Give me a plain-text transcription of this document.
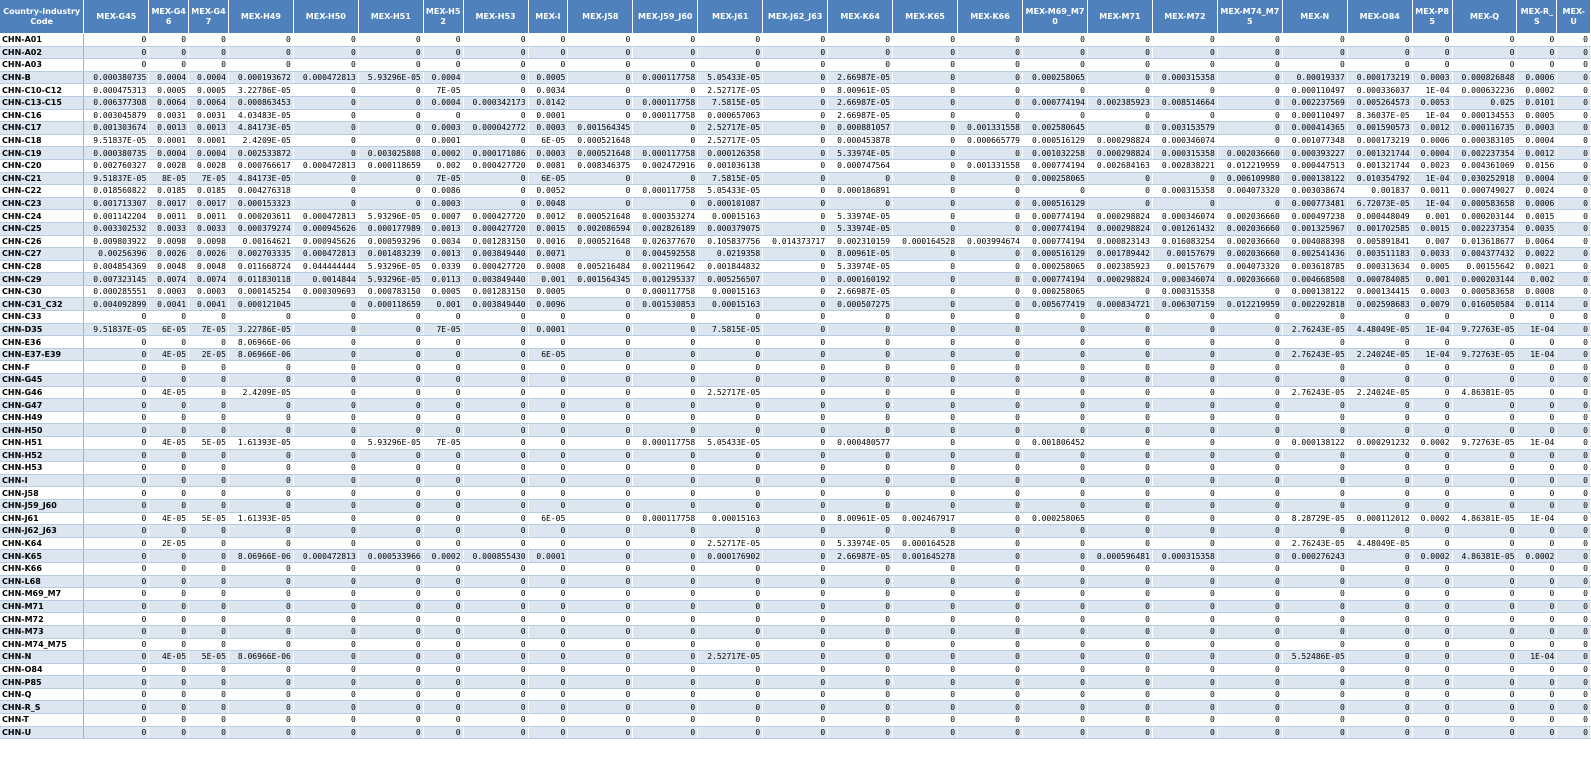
Country-IndustryCode	MEX-G45	MEX-G46	MEX-G47	MEX-H49	MEX-H50	MEX-H51	MEX-H52	MEX-H53	MEX-I	MEX-J58	MEX-J59_J60	MEX-J61	MEX-J62_J63	MEX-K64	MEX-K65	MEX-K66	MEX-M69_M70	MEX-M71	MEX-M72	MEX-M74_M75	MEX-N	MEX-O84	MEX-P85	MEX-Q	MEX-R_S	MEX-U
CHN-A01	0	0	0	0	0	0	0	0	0	0	0	0	0	0	0	0	0	0	0	0	0	0	0	0	0	0
CHN-A02	0	0	0	0	0	0	0	0	0	0	0	0	0	0	0	0	0	0	0	0	0	0	0	0	0	0
CHN-A03	0	0	0	0	0	0	0	0	0	0	0	0	0	0	0	0	0	0	0	0	0	0	0	0	0	0
CHN-B	0.000380735	0.0004	0.0004	0.000193672	0.000472813	5.93296E-05	0.0004	0	0.0005	0	0.000117758	5.05433E-05	0	2.66987E-05	0	0	0.000258065	0	0.000315358	0	0.00019337	0.000173219	0.0003	0.000826848	0.0006	0
CHN-C10-C12	0.000475313	0.0005	0.0005	3.22786E-05	0	0	7E-05	0	0.0034	0	0	2.52717E-05	0	8.00961E-05	0	0	0	0	0	0	0.000110497	0.000336037	1E-04	0.000632236	0.0002	0
CHN-C13-C15	0.006377308	0.0064	0.0064	0.000863453	0	0	0.0004	0.000342173	0.0142	0	0.000117758	7.5815E-05	0	2.66987E-05	0	0	0.000774194	0.002385923	0.008514664	0	0.002237569	0.005264573	0.0053	0.025	0.0101	0
CHN-C16	0.003045879	0.0031	0.0031	4.03483E-05	0	0	0	0	0.0001	0	0.000117758	0.000657063	0	2.66987E-05	0	0	0	0	0	0	0.000110497	8.36037E-05	1E-04	0.000134553	0.0005	0
CHN-C17	0.001303674	0.0013	0.0013	4.84173E-05	0	0	0.0003	0.000042772	0.0003	0.001564345	0	2.52717E-05	0	0.000881057	0	0.001331558	0.002580645	0	0.003153579	0	0.000414365	0.001590573	0.0012	0.000116735	0.0003	0
CHN-C18	9.51837E-05	0.0001	0.0001	2.4209E-05	0	0	0.0001	0	6E-05	0.000521648	0	2.52717E-05	0	0.000453878	0	0.000665779	0.000516129	0.000298824	0.000346074	0	0.001077348	0.000173219	0.0006	0.000383105	0.0004	0
CHN-C19	0.000380735	0.0004	0.0004	0.002533872	0	0.003025808	0.0002	0.000171086	0.0003	0.000521648	0.000117758	0.000126358	0	5.33974E-05	0	0	0.001032258	0.000298824	0.000315358	0.002036660	0.000393227	0.001321744	0.0004	0.002237354	0.0012	0
CHN-C20	0.002760327	0.0028	0.0028	0.000766617	0.000472813	0.000118659	0.002	0.000427720	0.0081	0.008346375	0.002472916	0.001036138	0	0.000747564	0	0.001331558	0.000774194	0.002684163	0.002838221	0.012219959	0.000447513	0.001321744	0.0023	0.004361069	0.0156	0
CHN-C21	9.51837E-05	8E-05	7E-05	4.84173E-05	0	0	7E-05	0	6E-05	0	0	7.5815E-05	0	0	0	0	0.000258065	0	0	0.006109980	0.000138122	0.010354792	1E-04	0.030252918	0.0004	0
CHN-C22	0.018560822	0.0185	0.0185	0.004276318	0	0	0.0086	0	0.0052	0	0.000117758	5.05433E-05	0	0.000186891	0	0	0	0	0.000315358	0.004073320	0.003038674	0.001837	0.0011	0.000749027	0.0024	0
CHN-C23	0.001713307	0.0017	0.0017	0.000153323	0	0	0.0003	0	0.0048	0	0	0.000101087	0	0	0	0	0.000516129	0	0	0	0.000773481	6.72073E-05	1E-04	0.000583658	0.0006	0
CHN-C24	0.001142204	0.0011	0.0011	0.000203611	0.000472813	5.93296E-05	0.0007	0.000427720	0.0012	0.000521648	0.000353274	0.00015163	0	5.33974E-05	0	0	0.000774194	0.000298824	0.000346074	0.002036660	0.000497238	0.000448049	0.001	0.000203144	0.0015	0
CHN-C25	0.003302532	0.0033	0.0033	0.000379274	0.000945626	0.000177989	0.0013	0.000427720	0.0015	0.002086594	0.002826189	0.000379075	0	5.33974E-05	0	0	0.000774194	0.000298824	0.001261432	0.002036660	0.001325967	0.001702585	0.0015	0.002237354	0.0035	0
CHN-C26	0.009803922	0.0098	0.0098	0.00164621	0.000945626	0.000593296	0.0034	0.001283150	0.0016	0.000521648	0.026377670	0.105837756	0.014373717	0.002310159	0.000164528	0.003994674	0.000774194	0.000823143	0.016083254	0.002036660	0.004088398	0.005891841	0.007	0.013618677	0.0064	0
CHN-C27	0.00256396	0.0026	0.0026	0.002703335	0.000472813	0.001483239	0.0013	0.003849440	0.0071	0	0.004592558	0.0219358	0	8.00961E-05	0	0	0.000516129	0.001789442	0.00157679	0.002036660	0.002541436	0.003511183	0.0033	0.004377432	0.0022	0
CHN-C28	0.004854369	0.0048	0.0048	0.011668724	0.044444444	5.93296E-05	0.0339	0.000427720	0.0008	0.005216484	0.002119642	0.001844832	0	5.33974E-05	0	0	0.000258065	0.002385923	0.00157679	0.004073320	0.003618785	0.000313634	0.0005	0.00155642	0.0021	0
CHN-C29	0.007323145	0.0074	0.0074	0.011830118	0.0014844	5.93296E-05	0.0113	0.003849440	0.001	0.001564345	0.001295337	0.005256507	0	0.000160192	0	0	0.000774194	0.000298824	0.000346074	0.002036660	0.004668508	0.000784085	0.001	0.000203144	0.002	0
CHN-C30	0.000285551	0.0003	0.0003	0.000145254	0.000309693	0.000783150	0.0005	0.001283150	0.0005	0	0.000117758	0.00015163	0	2.66987E-05	0	0	0.000258065	0	0.000315358	0	0.000138122	0.000134415	0.0003	0.000583658	0.0008	0
CHN-C31_C32	0.004092899	0.0041	0.0041	0.000121045	0	0.000118659	0.001	0.003849440	0.0096	0	0.001530853	0.00015163	0	0.000507275	0	0	0.005677419	0.000834721	0.006307159	0.012219959	0.002292818	0.002598683	0.0079	0.016050584	0.0114	0
CHN-C33	0	0	0	0	0	0	0	0	0	0	0	0	0	0	0	0	0	0	0	0	0	0	0	0	0	0
CHN-D35	9.51837E-05	6E-05	7E-05	3.22786E-05	0	0	7E-05	0	0.0001	0	0	7.5815E-05	0	0	0	0	0	0	0	0	2.76243E-05	4.48049E-05	1E-04	9.72763E-05	1E-04	0
CHN-E36	0	0	0	8.06966E-06	0	0	0	0	0	0	0	0	0	0	0	0	0	0	0	0	0	0	0	0	0	0
CHN-E37-E39	0	4E-05	2E-05	8.06966E-06	0	0	0	0	6E-05	0	0	0	0	0	0	0	0	0	0	0	2.76243E-05	2.24024E-05	1E-04	9.72763E-05	1E-04	0
CHN-F	0	0	0	0	0	0	0	0	0	0	0	0	0	0	0	0	0	0	0	0	0	0	0	0	0	0
CHN-G45	0	0	0	0	0	0	0	0	0	0	0	0	0	0	0	0	0	0	0	0	0	0	0	0	0	0
CHN-G46	0	4E-05	0	2.4209E-05	0	0	0	0	0	0	0	2.52717E-05	0	0	0	0	0	0	0	0	2.76243E-05	2.24024E-05	0	4.86381E-05	0	0
CHN-G47	0	0	0	0	0	0	0	0	0	0	0	0	0	0	0	0	0	0	0	0	0	0	0	0	0	0
CHN-H49	0	0	0	0	0	0	0	0	0	0	0	0	0	0	0	0	0	0	0	0	0	0	0	0	0	0
CHN-H50	0	0	0	0	0	0	0	0	0	0	0	0	0	0	0	0	0	0	0	0	0	0	0	0	0	0
CHN-H51	0	4E-05	5E-05	1.61393E-05	0	5.93296E-05	7E-05	0	0	0	0.000117758	5.05433E-05	0	0.000480577	0	0	0.001806452	0	0	0	0.000138122	0.000291232	0.0002	9.72763E-05	1E-04	0
CHN-H52	0	0	0	0	0	0	0	0	0	0	0	0	0	0	0	0	0	0	0	0	0	0	0	0	0	0
CHN-H53	0	0	0	0	0	0	0	0	0	0	0	0	0	0	0	0	0	0	0	0	0	0	0	0	0	0
CHN-I	0	0	0	0	0	0	0	0	0	0	0	0	0	0	0	0	0	0	0	0	0	0	0	0	0	0
CHN-J58	0	0	0	0	0	0	0	0	0	0	0	0	0	0	0	0	0	0	0	0	0	0	0	0	0	0
CHN-J59_J60	0	0	0	0	0	0	0	0	0	0	0	0	0	0	0	0	0	0	0	0	0	0	0	0	0	0
CHN-J61	0	4E-05	5E-05	1.61393E-05	0	0	0	0	6E-05	0	0.000117758	0.00015163	0	8.00961E-05	0.002467917	0	0.000258065	0	0	0	8.28729E-05	0.000112012	0.0002	4.86381E-05	1E-04	0
CHN-J62_J63	0	0	0	0	0	0	0	0	0	0	0	0	0	0	0	0	0	0	0	0	0	0	0	0	0	0
CHN-K64	0	2E-05	0	0	0	0	0	0	0	0	0	2.52717E-05	0	5.33974E-05	0.000164528	0	0	0	0	0	2.76243E-05	4.48049E-05	0	0	0	0
CHN-K65	0	0	0	8.06966E-06	0.000472813	0.000533966	0.0002	0.000855430	0.0001	0	0	0.000176902	0	2.66987E-05	0.001645278	0	0	0.000596481	0.000315358	0	0.000276243	0	0.0002	4.86381E-05	0.0002	0
CHN-K66	0	0	0	0	0	0	0	0	0	0	0	0	0	0	0	0	0	0	0	0	0	0	0	0	0	0
CHN-L68	0	0	0	0	0	0	0	0	0	0	0	0	0	0	0	0	0	0	0	0	0	0	0	0	0	0
CHN-M69_M7	0	0	0	0	0	0	0	0	0	0	0	0	0	0	0	0	0	0	0	0	0	0	0	0	0	0
CHN-M71	0	0	0	0	0	0	0	0	0	0	0	0	0	0	0	0	0	0	0	0	0	0	0	0	0	0
CHN-M72	0	0	0	0	0	0	0	0	0	0	0	0	0	0	0	0	0	0	0	0	0	0	0	0	0	0
CHN-M73	0	0	0	0	0	0	0	0	0	0	0	0	0	0	0	0	0	0	0	0	0	0	0	0	0	0
CHN-M74_M75	0	0	0	0	0	0	0	0	0	0	0	0	0	0	0	0	0	0	0	0	0	0	0	0	0	0
CHN-N	0	4E-05	5E-05	8.06966E-06	0	0	0	0	0	0	0	2.52717E-05	0	0	0	0	0	0	0	0	5.52486E-05	0	0	0	1E-04	0
CHN-O84	0	0	0	0	0	0	0	0	0	0	0	0	0	0	0	0	0	0	0	0	0	0	0	0	0	0
CHN-P85	0	0	0	0	0	0	0	0	0	0	0	0	0	0	0	0	0	0	0	0	0	0	0	0	0	0
CHN-Q	0	0	0	0	0	0	0	0	0	0	0	0	0	0	0	0	0	0	0	0	0	0	0	0	0	0
CHN-R_S	0	0	0	0	0	0	0	0	0	0	0	0	0	0	0	0	0	0	0	0	0	0	0	0	0	0
CHN-T	0	0	0	0	0	0	0	0	0	0	0	0	0	0	0	0	0	0	0	0	0	0	0	0	0	0
CHN-U	0	0	0	0	0	0	0	0	0	0	0	0	0	0	0	0	0	0	0	0	0	0	0	0	0	0
